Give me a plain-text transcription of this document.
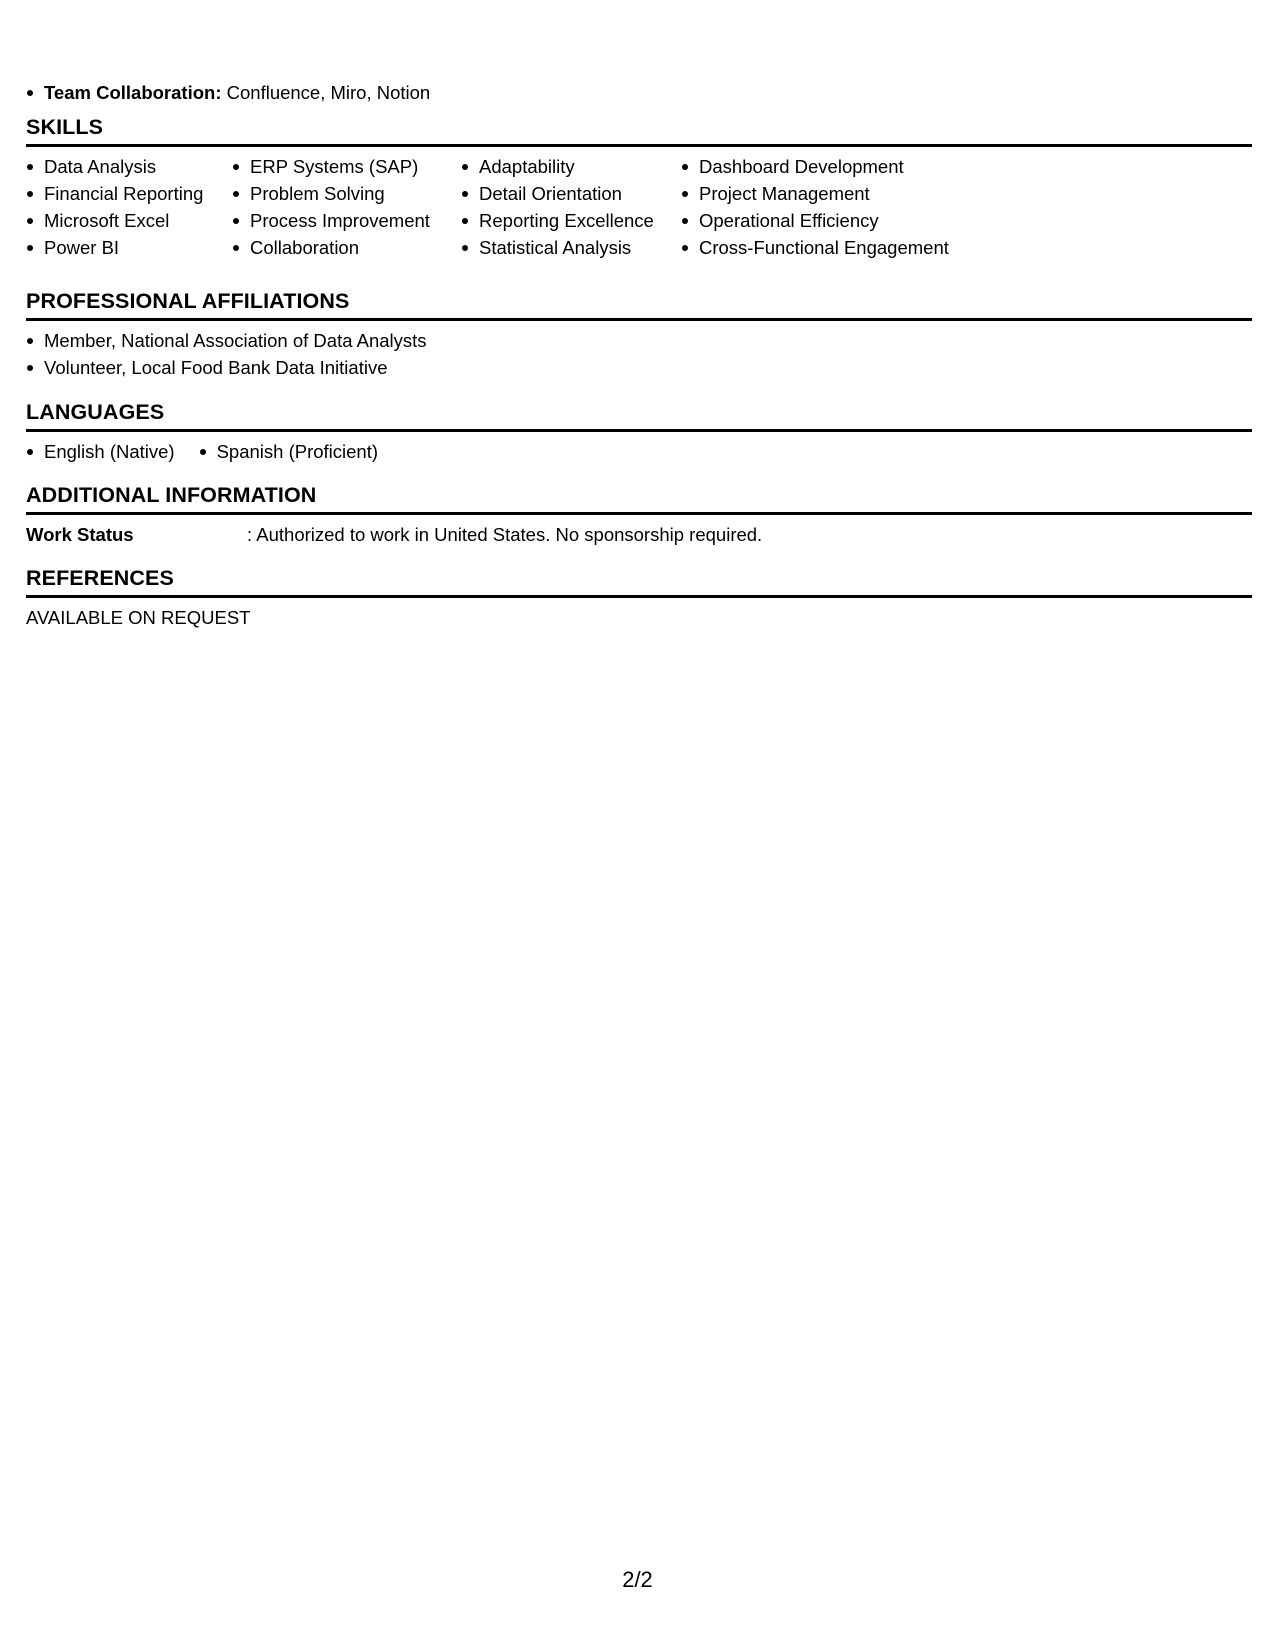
Team Collaboration: Confluence, Miro, Notion
SKILLS
Data Analysis
Financial Reporting
Microsoft Excel
Power BI
ERP Systems (SAP)
Problem Solving
Process Improvement
Collaboration
Adaptability
Detail Orientation
Reporting Excellence
Statistical Analysis
Dashboard Development
Project Management
Operational Efficiency
Cross-Functional Engagement
PROFESSIONAL AFFILIATIONS
Member, National Association of Data Analysts
Volunteer, Local Food Bank Data Initiative
LANGUAGES
English (Native)	Spanish (Proficient)
ADDITIONAL INFORMATION
Work Status	: Authorized to work in United States. No sponsorship required.
REFERENCES
AVAILABLE ON REQUEST
2/2
